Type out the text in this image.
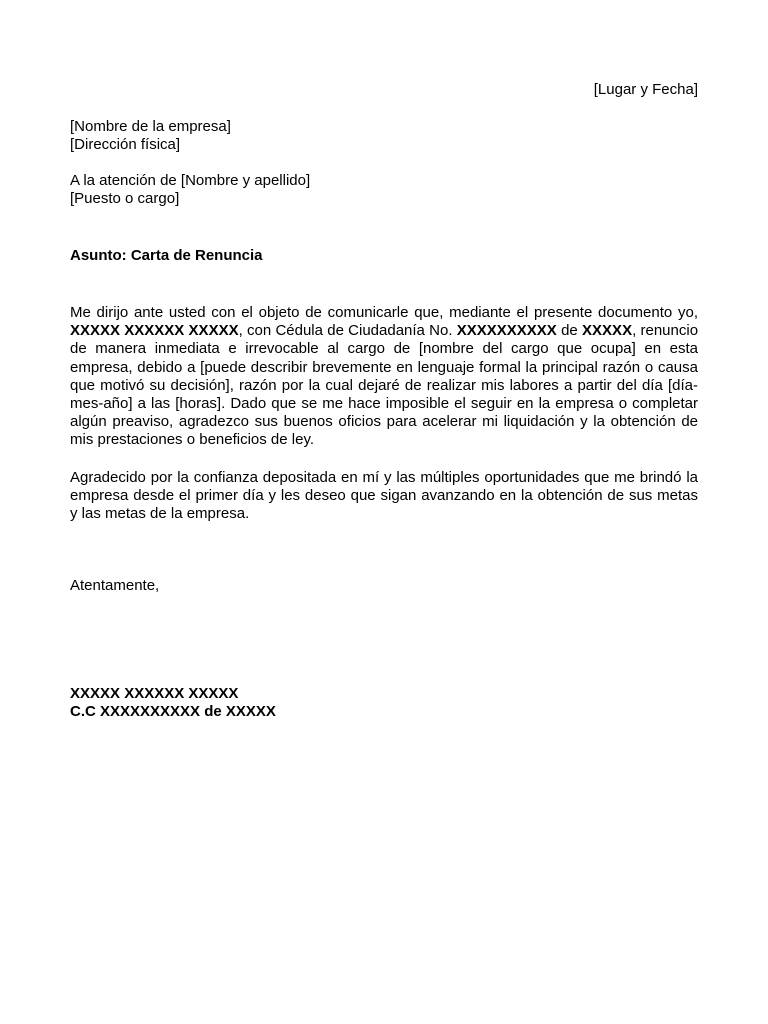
[Lugar y Fecha]
[Nombre de la empresa]
[Dirección física]
A la atención de [Nombre y apellido]
[Puesto o cargo]
Asunto: Carta de Renuncia
Me dirijo ante usted con el objeto de comunicarle que, mediante el presente documento yo, XXXXX XXXXXX XXXXX, con Cédula de Ciudadanía No. XXXXXXXXXX de XXXXX, renuncio de manera inmediata e irrevocable al cargo de [nombre del cargo que ocupa] en esta empresa, debido a [puede describir brevemente en lenguaje formal la principal razón o causa que motivó su decisión], razón por la cual dejaré de realizar mis labores a partir del día [día-mes-año] a las [horas]. Dado que se me hace imposible el seguir en la empresa o completar algún preaviso, agradezco sus buenos oficios para acelerar mi liquidación y la obtención de mis prestaciones o beneficios de ley.
Agradecido por la confianza depositada en mí y las múltiples oportunidades que me brindó la empresa desde el primer día y les deseo que sigan avanzando en la obtención de sus metas y las metas de la empresa.
Atentamente,
XXXXX XXXXXX XXXXX
C.C XXXXXXXXXX de XXXXX
